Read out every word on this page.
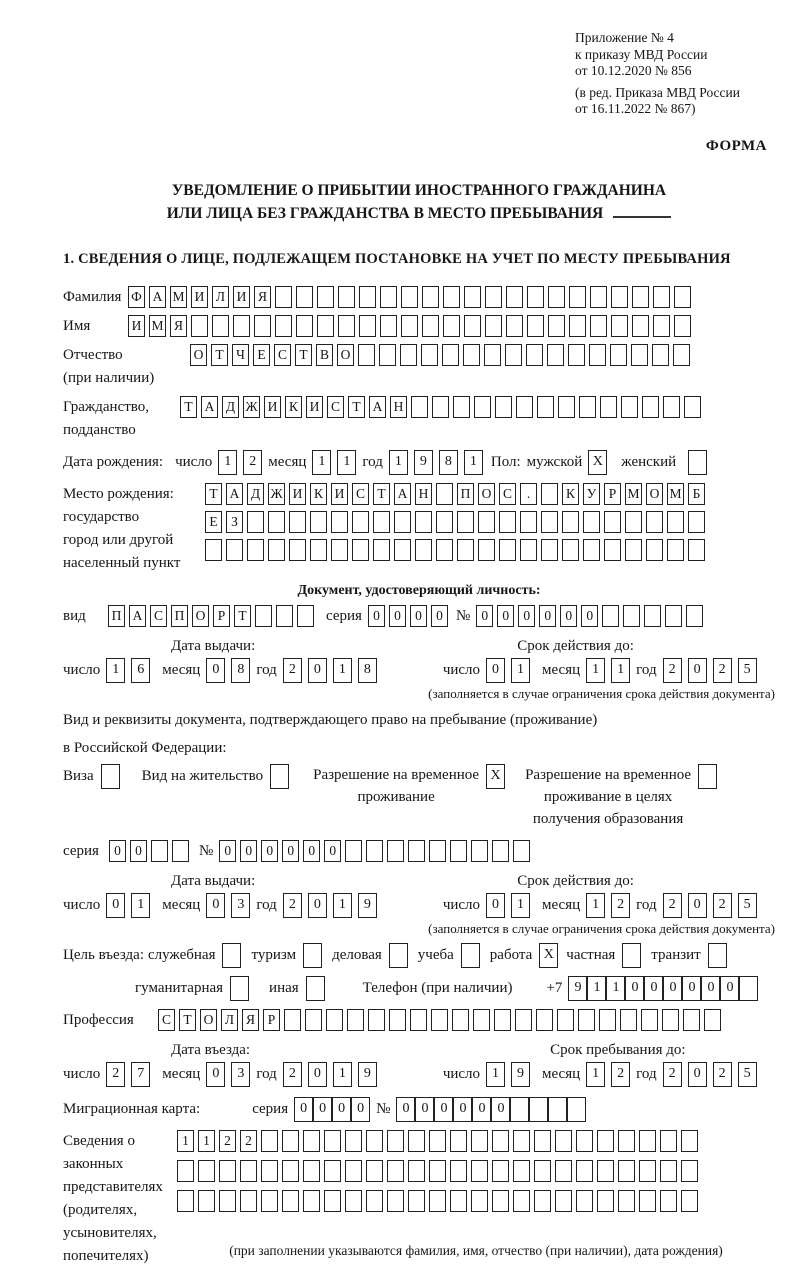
Приложение № 4
к приказу МВД России
от 10.12.2020 № 856
(в ред. Приказа МВД России
от 16.11.2022 № 867)
ФОРМА
УВЕДОМЛЕНИЕ О ПРИБЫТИИ ИНОСТРАННОГО ГРАЖДАНИНА
ИЛИ ЛИЦА БЕЗ ГРАЖДАНСТВА В МЕСТО ПРЕБЫВАНИЯ
1. СВЕДЕНИЯ О ЛИЦЕ, ПОДЛЕЖАЩЕМ ПОСТАНОВКЕ НА УЧЕТ ПО МЕСТУ ПРЕБЫВАНИЯ
Фамилия Ф А М И Л И Я
Имя	И М Я
Отчество
(при наличии)
О Т Ч Е С Т В О
Гражданство,
подданство
Т А Д Ж И К И С Т А Н
Дата рождения: число 1	2 месяц 1	1 год 1	9	8	1 Пол: мужской X женский
Место рождения:
государство
город или другой
населенный пункт
Т А Д Ж И К И С Т А Н П О С	.	К У Р М О М Б

Е З

Документ, удостоверяющий личность:
вид	П А С П О Р Т	серия 0	0	0	0 № 0	0	0	0	0	0
Дата выдачи:	Срок действия до:
число 1	6	месяц 0	8 год 2	0	1	8	число 0	1	месяц 1	1 год 2	0	2	5
(заполняется в случае ограничения срока действия документа)
Вид и реквизиты документа, подтверждающего право на пребывание (проживание)
в Российской Федерации:
Виза	Вид на жительство	Разрешение на временное
проживание
X Разрешение на временное
проживание в целях
получения образования
серия	0	0	№ 0	0	0	0	0	0
Дата выдачи:	Срок действия до:
число 0	1	месяц 0	3 год 2	0	1	9	число 0	1	месяц 1	2 год 2	0	2	5
(заполняется в случае ограничения срока действия документа)
Цель въезда: служебная туризм деловая учеба работа X частная транзит
гуманитарная	иная	Телефон (при наличии) +7 9 1 1 0 0 0 0 0 0
Профессия	С Т О Л Я Р
Дата въезда:	Срок пребывания до:
число 2	7	месяц 0	3 год 2	0	1	9	число 1	9	месяц 1	2 год 2	0	2	5
Миграционная карта:	серия 0 0 0 0 № 0 0 0 0 0 0
Сведения о
законных
представителях
(родителях,
усыновителях,
попечителях)
1	1	2	2

(при заполнении указываются фамилия, имя, отчество (при наличии), дата рождения)
